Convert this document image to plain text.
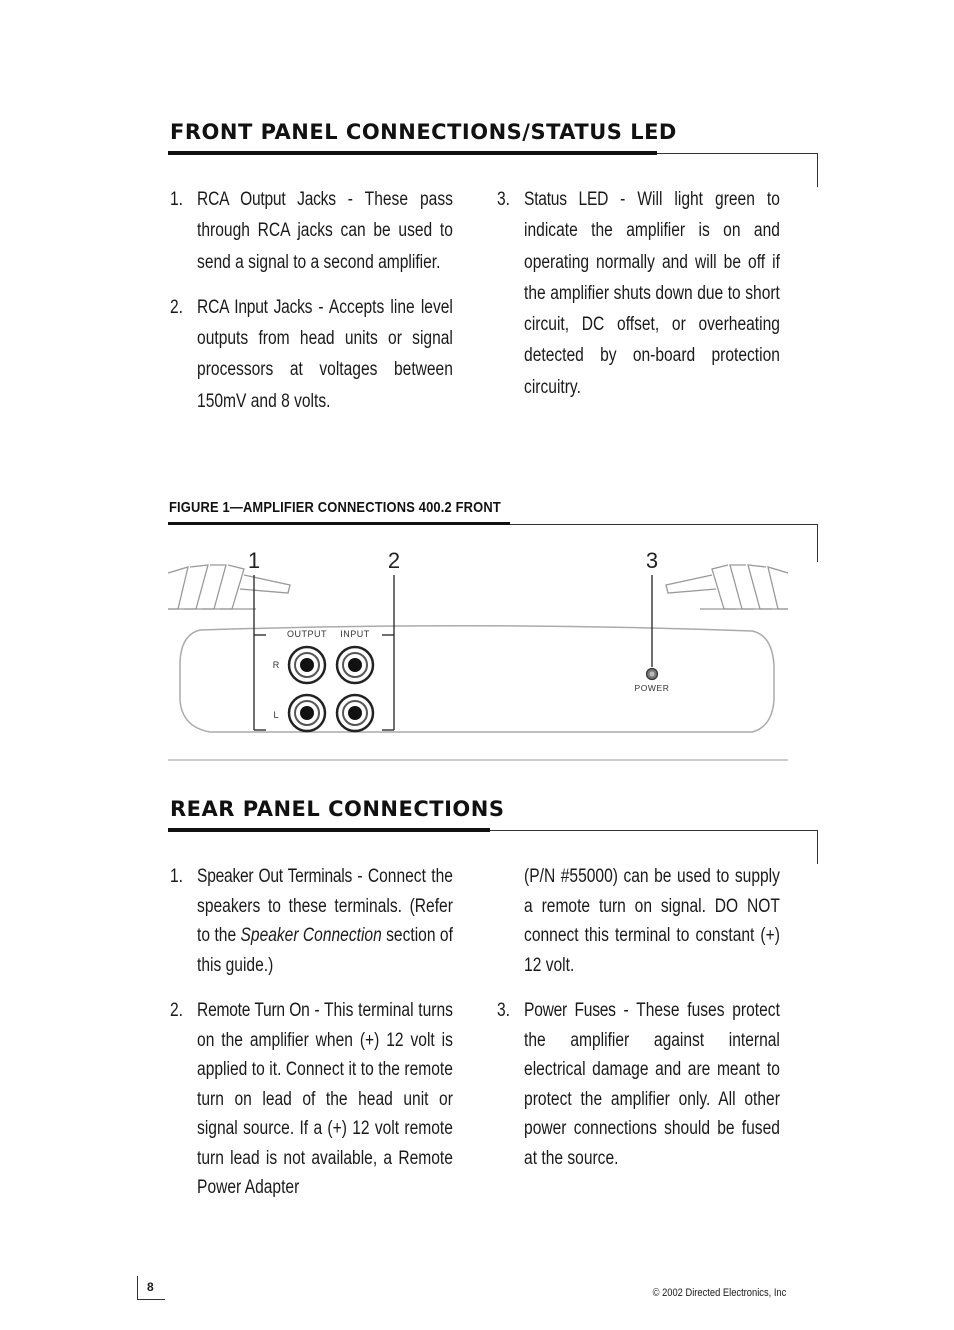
FRONT PANEL CONNECTIONS/STATUS LED
1. RCA Output Jacks - These pass through RCA jacks can be used to send a signal to a second amplifier.
2. RCA Input Jacks - Accepts line level outputs from head units or signal processors at voltages between 150mV and 8 volts.
3. Status LED - Will light green to indicate the amplifier is on and operating normally and will be off if the amplifier shuts down due to short circuit, DC offset, or overheating detected by on-board protection circuitry.
FIGURE 1—AMPLIFIER CONNECTIONS 400.2 FRONT
1	2	3
OUTPUT INPUT
R
L
POWER
REAR PANEL CONNECTIONS
1. Speaker Out Terminals - Connect the speakers to these terminals. (Refer to the Speaker Connection section of this guide.)
2. Remote Turn On - This terminal turns on the amplifier when (+) 12 volt is applied to it. Connect it to the remote turn on lead of the head unit or signal source. If a (+) 12 volt remote turn lead is not available, a Remote Power Adapter
(P/N #55000) can be used to supply a remote turn on signal. DO NOT connect this terminal to constant (+) 12 volt.
3. Power Fuses - These fuses protect the amplifier against internal electrical damage and are meant to protect the amplifier only. All other power connections should be fused at the source.
8	© 2002 Directed Electronics, Inc
